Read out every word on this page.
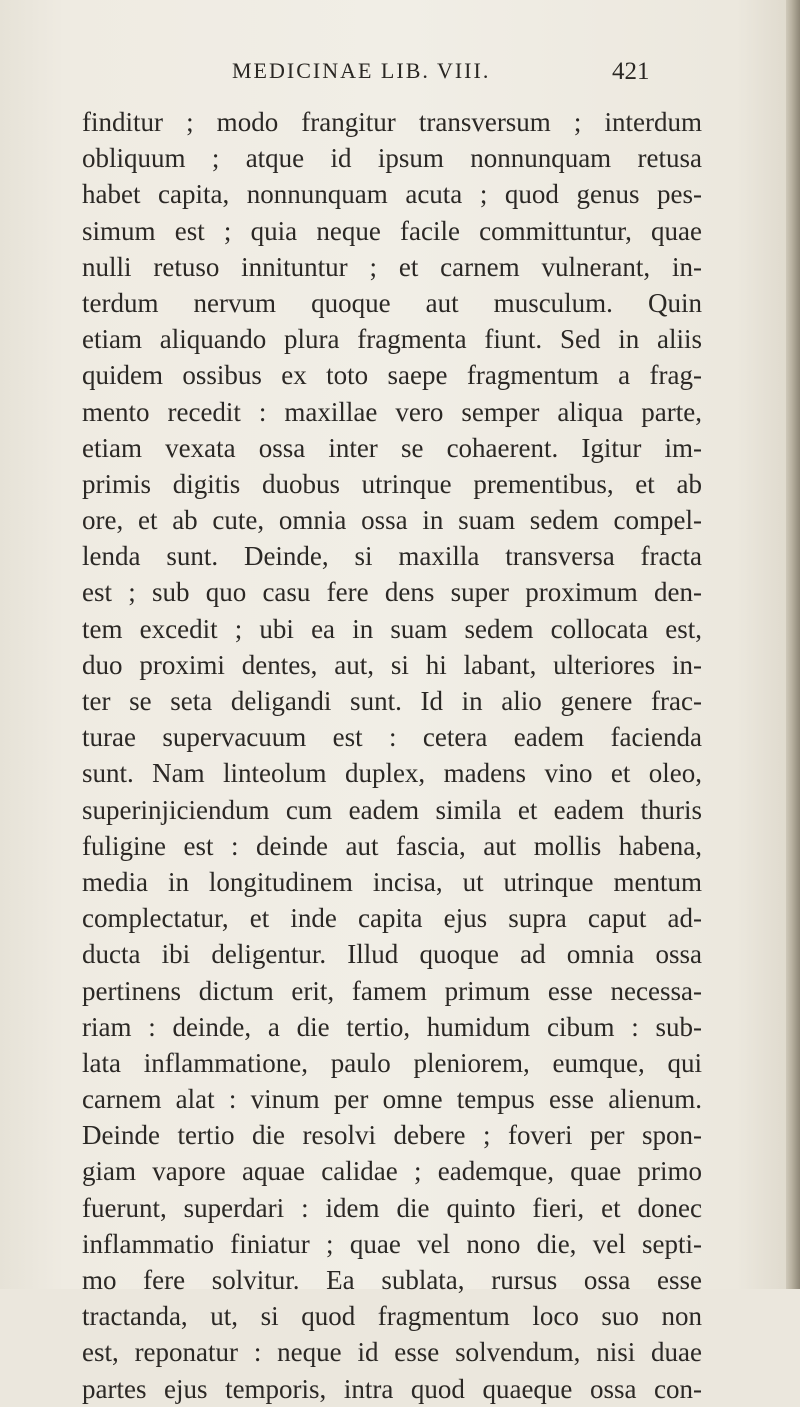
MEDICINAE LIB. VIII.	421
finditur ; modo frangitur transversum ; interdum
obliquum ; atque id ipsum nonnunquam retusa
habet capita, nonnunquam acuta ; quod genus pes-
simum est ; quia neque facile committuntur, quae
nulli retuso innituntur ; et carnem vulnerant, in-
terdum nervum quoque aut musculum. Quin
etiam aliquando plura fragmenta fiunt. Sed in aliis
quidem ossibus ex toto saepe fragmentum a frag-
mento recedit : maxillae vero semper aliqua parte,
etiam vexata ossa inter se cohaerent. Igitur im-
primis digitis duobus utrinque prementibus, et ab
ore, et ab cute, omnia ossa in suam sedem compel-
lenda sunt. Deinde, si maxilla transversa fracta
est ; sub quo casu fere dens super proximum den-
tem excedit ; ubi ea in suam sedem collocata est,
duo proximi dentes, aut, si hi labant, ulteriores in-
ter se seta deligandi sunt. Id in alio genere frac-
turae supervacuum est : cetera eadem facienda
sunt. Nam linteolum duplex, madens vino et oleo,
superinjiciendum cum eadem simila et eadem thuris
fuligine est : deinde aut fascia, aut mollis habena,
media in longitudinem incisa, ut utrinque mentum
complectatur, et inde capita ejus supra caput ad-
ducta ibi deligentur. Illud quoque ad omnia ossa
pertinens dictum erit, famem primum esse necessa-
riam : deinde, a die tertio, humidum cibum : sub-
lata inflammatione, paulo pleniorem, eumque, qui
carnem alat : vinum per omne tempus esse alienum.
Deinde tertio die resolvi debere ; foveri per spon-
giam vapore aquae calidae ; eademque, quae primo
fuerunt, superdari : idem die quinto fieri, et donec
inflammatio finiatur ; quae vel nono die, vel septi-
mo fere solvitur. Ea sublata, rursus ossa esse
tractanda, ut, si quod fragmentum loco suo non
est, reponatur : neque id esse solvendum, nisi duae
partes ejus temporis, intra quod quaeque ossa con-
